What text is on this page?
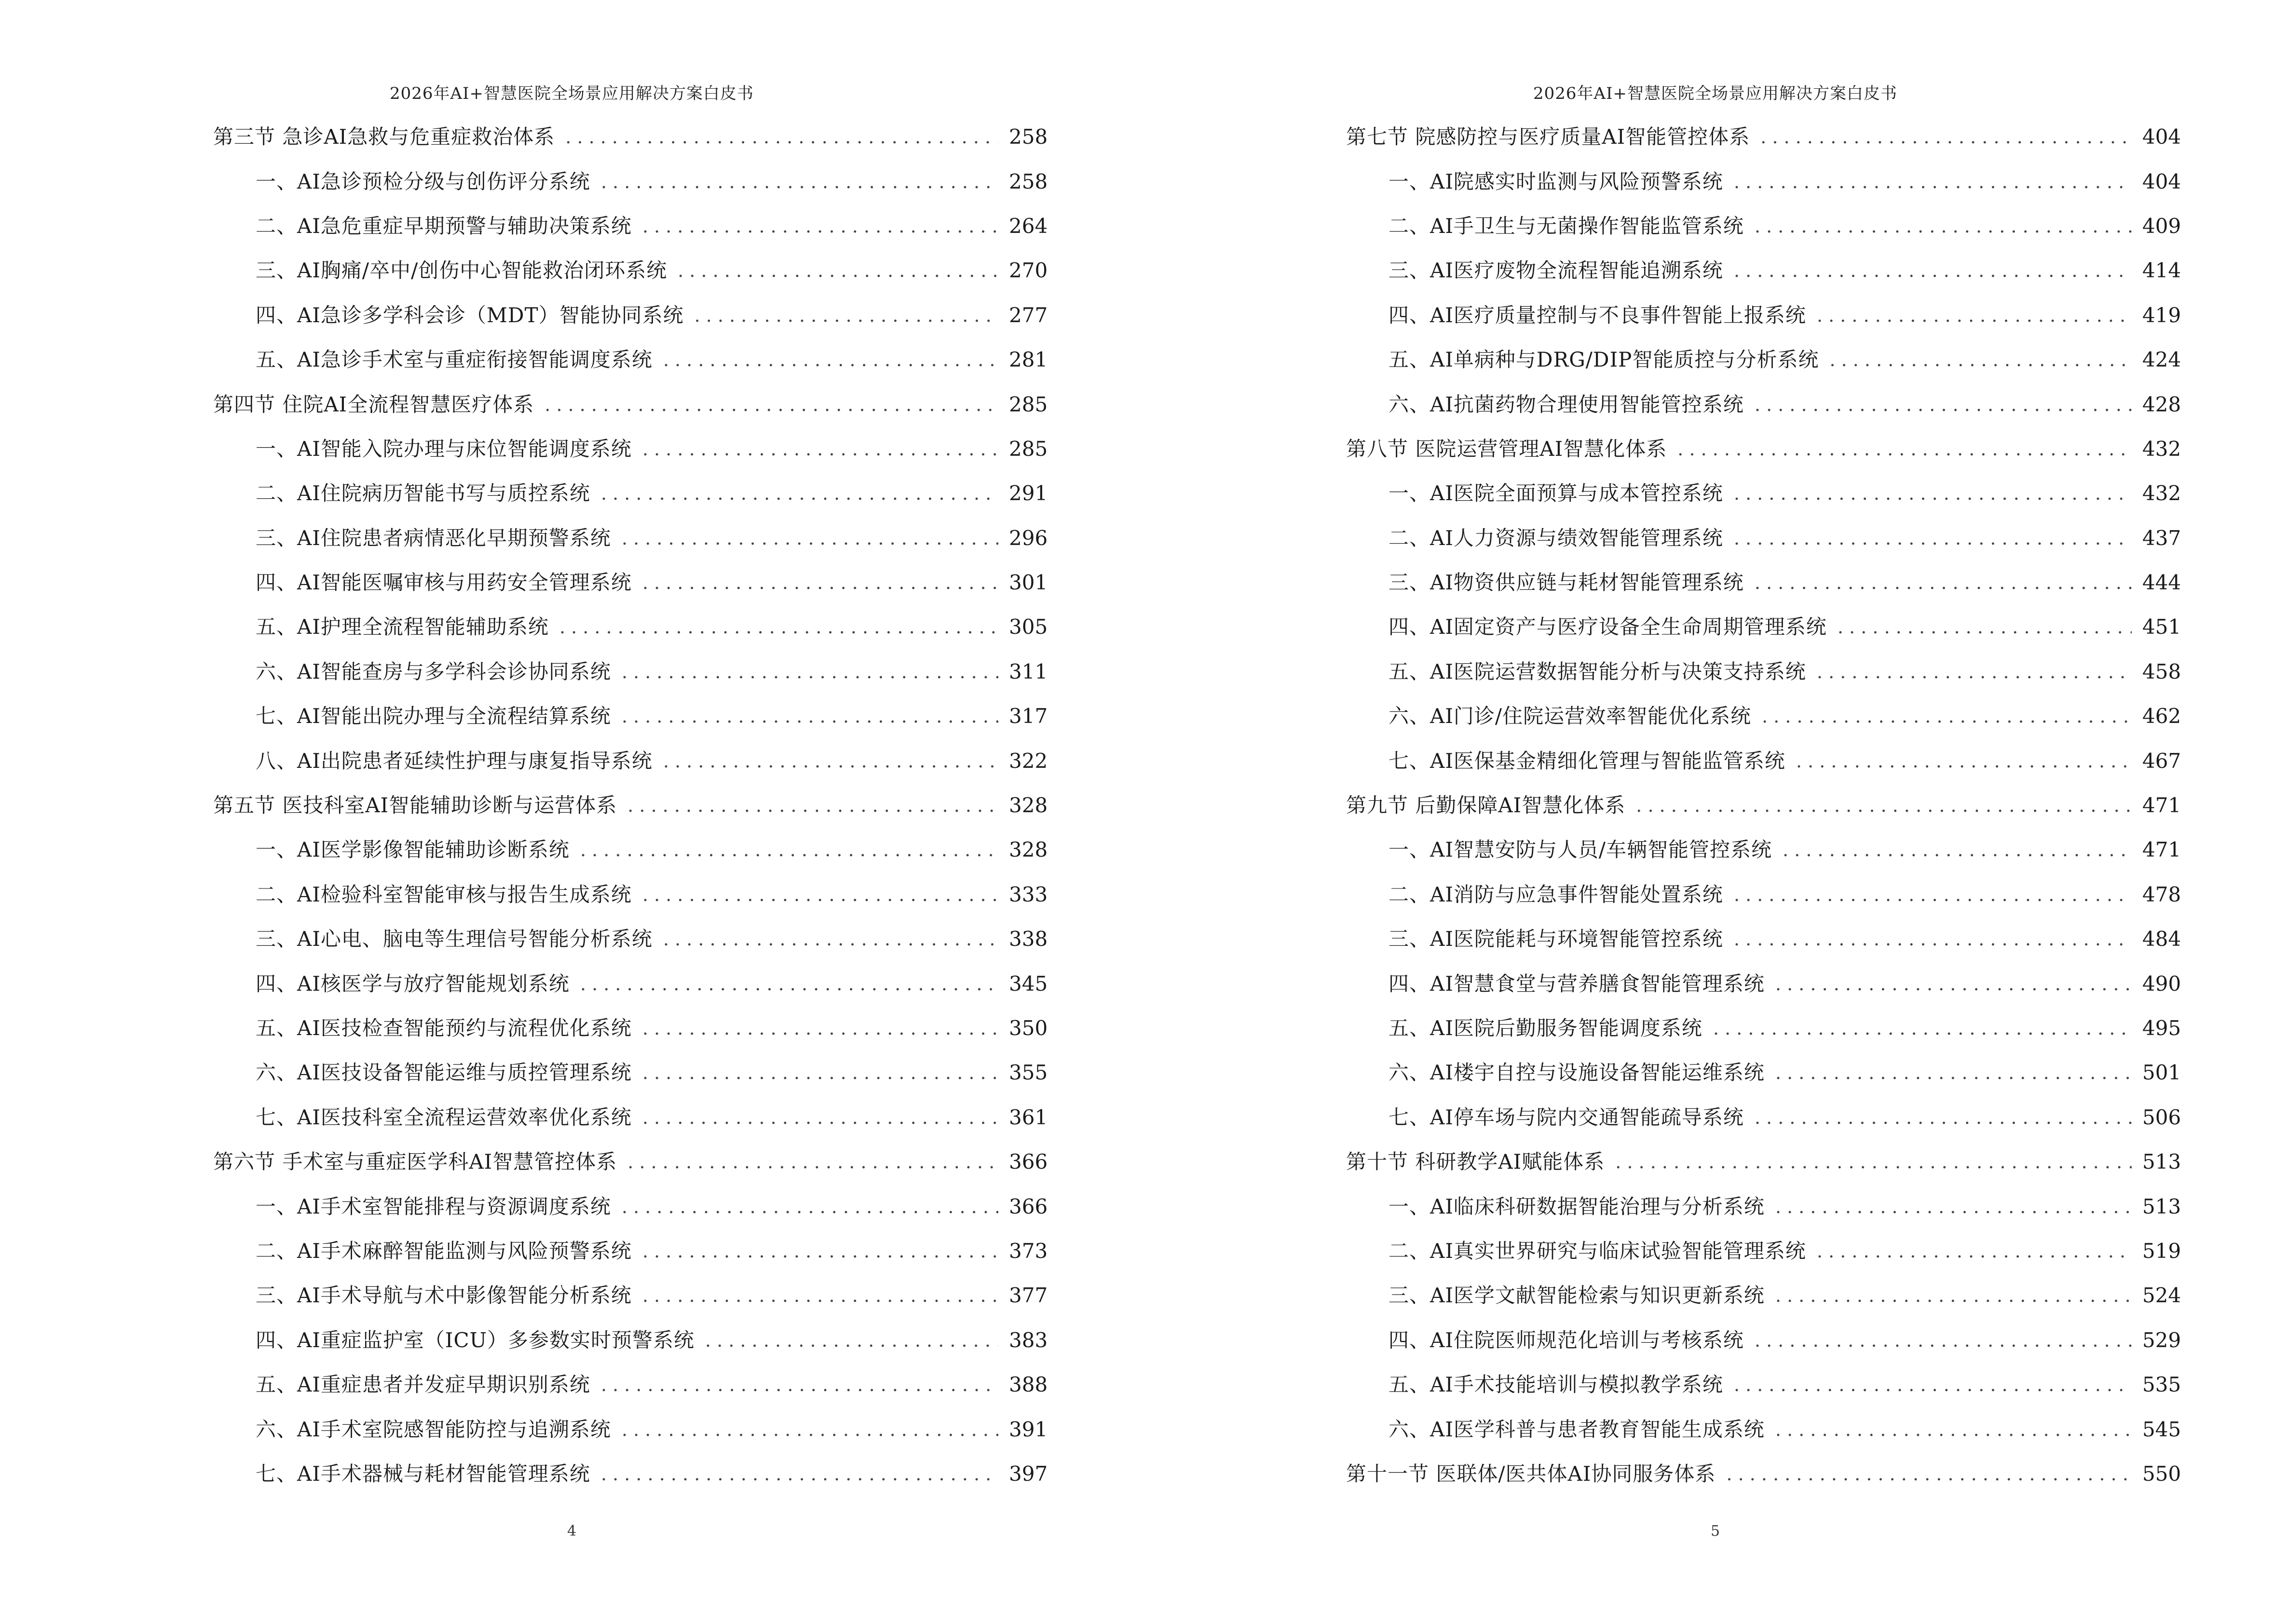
2026年AI+智慧医院全场景应用解决方案白皮书
第三节 急诊AI急救与危重症救治体系 . . .	258
一、AI急诊预检分级与创伤评分系统 . . .	258
二、AI急危重症早期预警与辅助决策系统 . . .	264
三、AI胸痛/卒中/创伤中心智能救治闭环系统 . . .	270
四、AI急诊多学科会诊（MDT）智能协同系统 . . .	277
五、AI急诊手术室与重症衔接智能调度系统 . . .	281
第四节 住院AI全流程智慧医疗体系 . . .	285
一、AI智能入院办理与床位智能调度系统 . . .	285
二、AI住院病历智能书写与质控系统 . . .	291
三、AI住院患者病情恶化早期预警系统 . . .	296
四、AI智能医嘱审核与用药安全管理系统 . . .	301
五、AI护理全流程智能辅助系统 . . .	305
六、AI智能查房与多学科会诊协同系统 . . .	311
七、AI智能出院办理与全流程结算系统 . . .	317
八、AI出院患者延续性护理与康复指导系统 . . .	322
第五节 医技科室AI智能辅助诊断与运营体系 . . .	328
一、AI医学影像智能辅助诊断系统 . . .	328
二、AI检验科室智能审核与报告生成系统 . . .	333
三、AI心电、脑电等生理信号智能分析系统 . . .	338
四、AI核医学与放疗智能规划系统 . . .	345
五、AI医技检查智能预约与流程优化系统 . . .	350
六、AI医技设备智能运维与质控管理系统 . . .	355
七、AI医技科室全流程运营效率优化系统 . . .	361
第六节 手术室与重症医学科AI智慧管控体系 . . .	366
一、AI手术室智能排程与资源调度系统 . . .	366
二、AI手术麻醉智能监测与风险预警系统 . . .	373
三、AI手术导航与术中影像智能分析系统 . . .	377
四、AI重症监护室（ICU）多参数实时预警系统 . . .	383
五、AI重症患者并发症早期识别系统 . . .	388
六、AI手术室院感智能防控与追溯系统 . . .	391
七、AI手术器械与耗材智能管理系统 . . .	397
4
2026年AI+智慧医院全场景应用解决方案白皮书
第七节 院感防控与医疗质量AI智能管控体系 . . .	404
一、AI院感实时监测与风险预警系统 . . .	404
二、AI手卫生与无菌操作智能监管系统 . . .	409
三、AI医疗废物全流程智能追溯系统 . . .	414
四、AI医疗质量控制与不良事件智能上报系统 . . .	419
五、AI单病种与DRG/DIP智能质控与分析系统 . . .	424
六、AI抗菌药物合理使用智能管控系统 . . .	428
第八节 医院运营管理AI智慧化体系 . . .	432
一、AI医院全面预算与成本管控系统 . . .	432
二、AI人力资源与绩效智能管理系统 . . .	437
三、AI物资供应链与耗材智能管理系统 . . .	444
四、AI固定资产与医疗设备全生命周期管理系统 . . .	451
五、AI医院运营数据智能分析与决策支持系统 . . .	458
六、AI门诊/住院运营效率智能优化系统 . . .	462
七、AI医保基金精细化管理与智能监管系统 . . .	467
第九节 后勤保障AI智慧化体系 . . .	471
一、AI智慧安防与人员/车辆智能管控系统 . . .	471
二、AI消防与应急事件智能处置系统 . . .	478
三、AI医院能耗与环境智能管控系统 . . .	484
四、AI智慧食堂与营养膳食智能管理系统 . . .	490
五、AI医院后勤服务智能调度系统 . . .	495
六、AI楼宇自控与设施设备智能运维系统 . . .	501
七、AI停车场与院内交通智能疏导系统 . . .	506
第十节 科研教学AI赋能体系 . . .	513
一、AI临床科研数据智能治理与分析系统 . . .	513
二、AI真实世界研究与临床试验智能管理系统 . . .	519
三、AI医学文献智能检索与知识更新系统 . . .	524
四、AI住院医师规范化培训与考核系统 . . .	529
五、AI手术技能培训与模拟教学系统 . . .	535
六、AI医学科普与患者教育智能生成系统 . . .	545
第十一节 医联体/医共体AI协同服务体系 . . .	550
5
